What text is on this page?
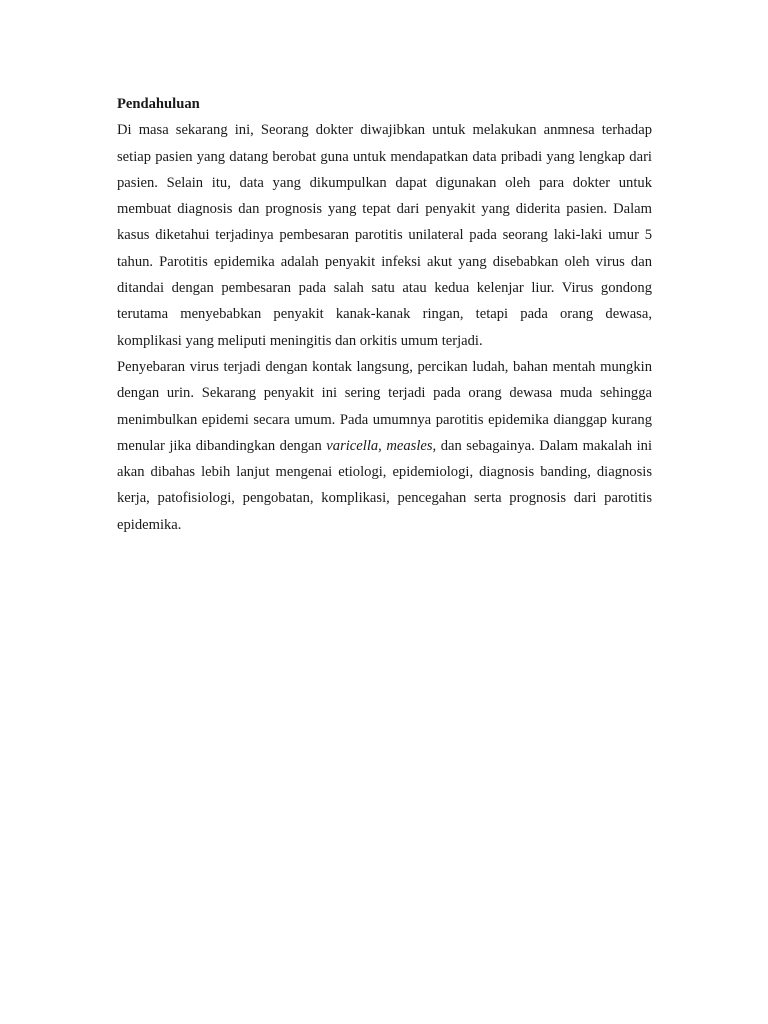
Pendahuluan

Di masa sekarang ini, Seorang dokter diwajibkan untuk melakukan anmnesa terhadap setiap pasien yang datang berobat guna untuk mendapatkan data pribadi yang lengkap dari pasien. Selain itu, data yang dikumpulkan dapat digunakan oleh para dokter untuk membuat diagnosis dan prognosis yang tepat dari penyakit yang diderita pasien. Dalam kasus diketahui terjadinya pembesaran parotitis unilateral pada seorang laki-laki umur 5 tahun. Parotitis epidemika adalah penyakit infeksi akut yang disebabkan oleh virus dan ditandai dengan pembesaran pada salah satu atau kedua kelenjar liur. Virus gondong terutama menyebabkan penyakit kanak-kanak ringan, tetapi pada orang dewasa, komplikasi yang meliputi meningitis dan orkitis umum terjadi.

Penyebaran virus terjadi dengan kontak langsung, percikan ludah, bahan mentah mungkin dengan urin. Sekarang penyakit ini sering terjadi pada orang dewasa muda sehingga menimbulkan epidemi secara umum. Pada umumnya parotitis epidemika dianggap kurang menular jika dibandingkan dengan varicella, measles, dan sebagainya. Dalam makalah ini akan dibahas lebih lanjut mengenai etiologi, epidemiologi, diagnosis banding, diagnosis kerja, patofisiologi, pengobatan, komplikasi, pencegahan serta prognosis dari parotitis epidemika.
